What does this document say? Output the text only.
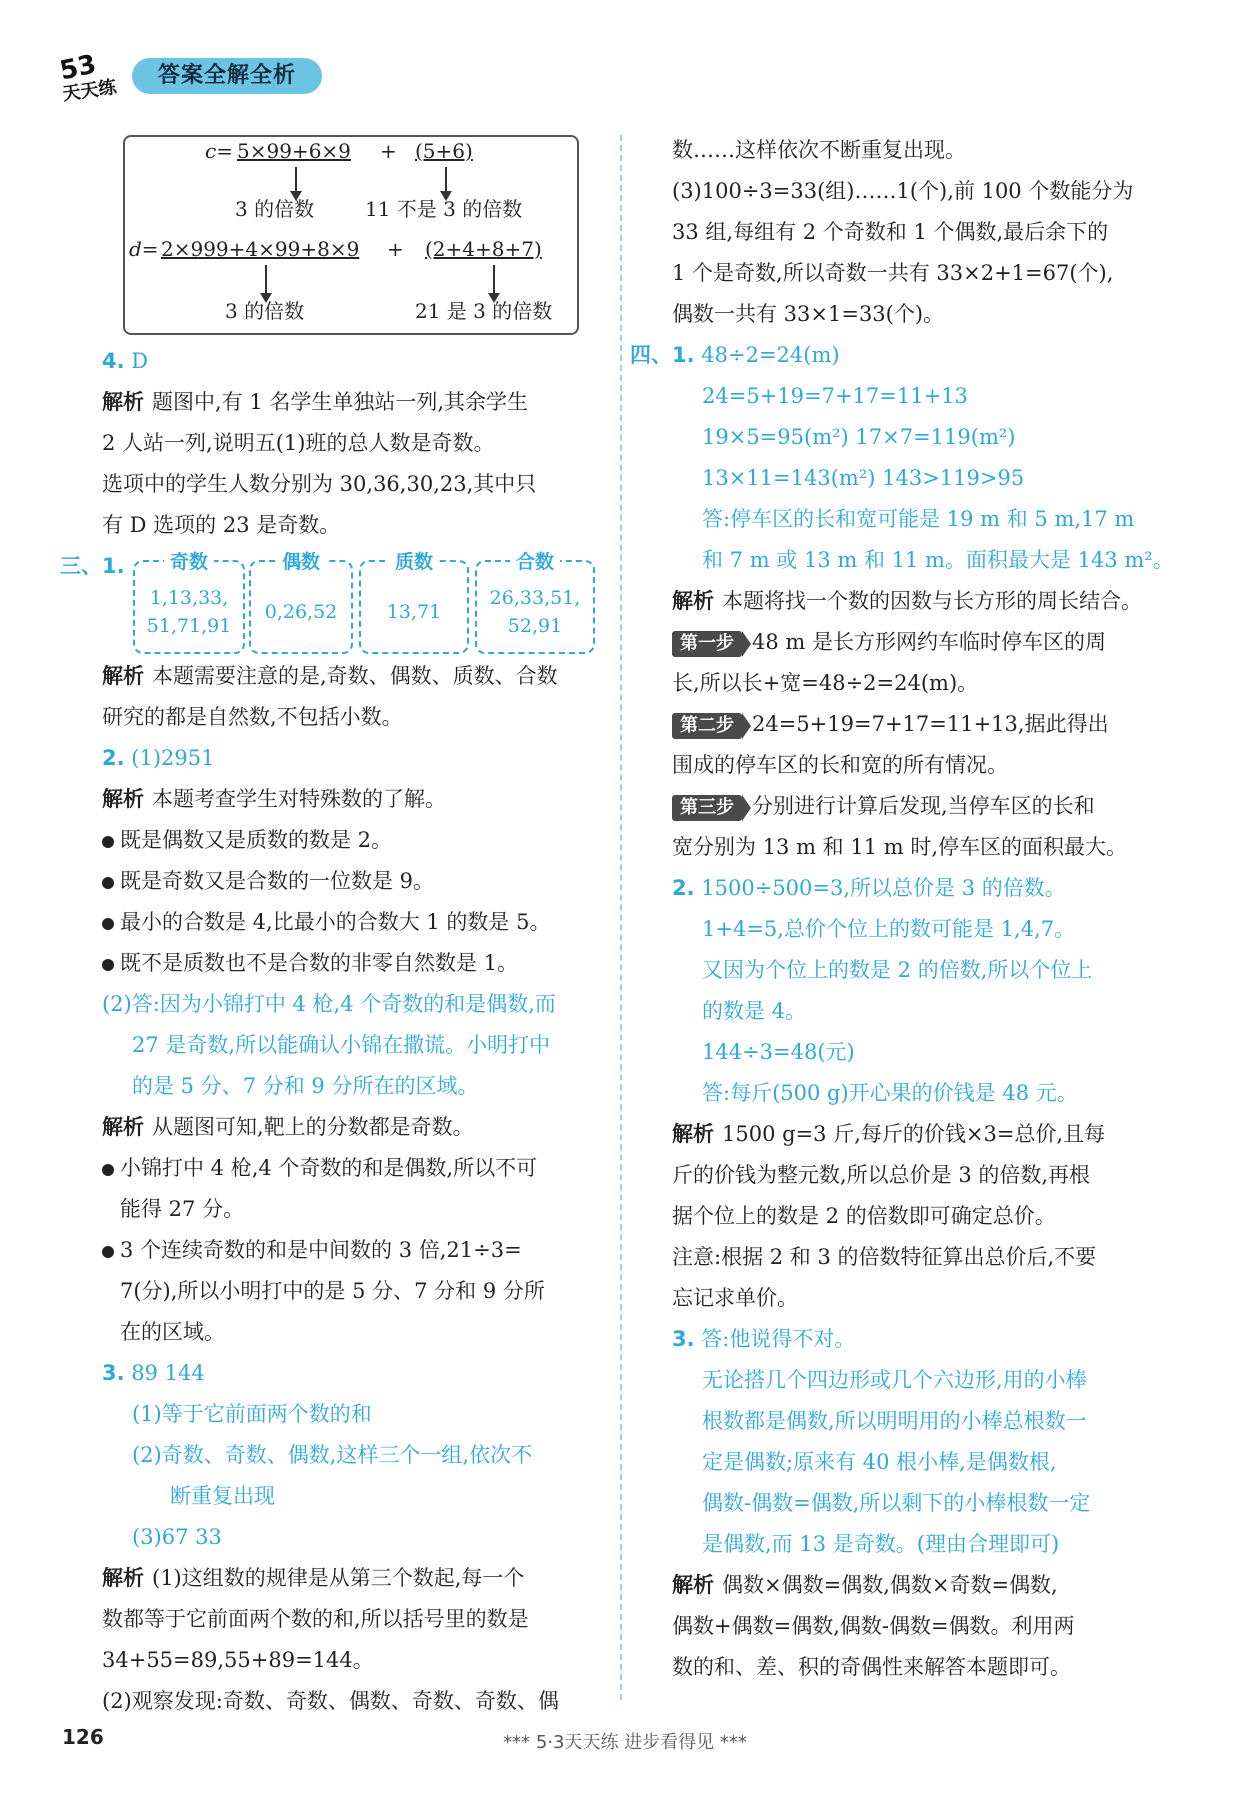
53
天天练
答案全解全析
c= 5×99+6×9 + (5+6)
3 的倍数	11 不是 3 的倍数
d= 2×999+4×99+8×9 + (2+4+8+7)
3 的倍数	21 是 3 的倍数

4. D

解析 题图中,有 1 名学生单独站一列,其余学生

2 人站一列,说明五(1)班的总人数是奇数。

选项中的学生人数分别为 30,36,30,23,其中只

有 D 选项的 23 是奇数。

三、1.	奇数
1,13,33,
51,71,91
偶数
0,26,52
质数
13,71
合数
26,33,51,
52,91

解析 本题需要注意的是,奇数、偶数、质数、合数

研究的都是自然数,不包括小数。

2. (1)2951

解析 本题考查学生对特殊数的了解。

既是偶数又是质数的数是 2。

既是奇数又是合数的一位数是 9。

最小的合数是 4,比最小的合数大 1 的数是 5。

既不是质数也不是合数的非零自然数是 1。

(2)答:因为小锦打中 4 枪,4 个奇数的和是偶数,而

27 是奇数,所以能确认小锦在撒谎。小明打中

的是 5 分、7 分和 9 分所在的区域。

解析 从题图可知,靶上的分数都是奇数。

小锦打中 4 枪,4 个奇数的和是偶数,所以不可

能得 27 分。

3 个连续奇数的和是中间数的 3 倍,21÷3=

7(分),所以小明打中的是 5 分、7 分和 9 分所

在的区域。

3. 89 144

(1)等于它前面两个数的和

(2)奇数、奇数、偶数,这样三个一组,依次不

断重复出现

(3)67 33

解析 (1)这组数的规律是从第三个数起,每一个

数都等于它前面两个数的和,所以括号里的数是

34+55=89,55+89=144。

(2)观察发现:奇数、奇数、偶数、奇数、奇数、偶

数……这样依次不断重复出现。

(3)100÷3=33(组)……1(个),前 100 个数能分为

33 组,每组有 2 个奇数和 1 个偶数,最后余下的

1 个是奇数,所以奇数一共有 33×2+1=67(个),

偶数一共有 33×1=33(个)。

四、1. 48÷2=24(m)

24=5+19=7+17=11+13

19×5=95(m²) 17×7=119(m²)

13×11=143(m²) 143>119>95

答:停车区的长和宽可能是 19 m 和 5 m,17 m

和 7 m 或 13 m 和 11 m。面积最大是 143 m²。

解析 本题将找一个数的因数与长方形的周长结合。

第一步 48 m 是长方形网约车临时停车区的周

长,所以长+宽=48÷2=24(m)。

第二步 24=5+19=7+17=11+13,据此得出

围成的停车区的长和宽的所有情况。

第三步 分别进行计算后发现,当停车区的长和

宽分别为 13 m 和 11 m 时,停车区的面积最大。

2. 1500÷500=3,所以总价是 3 的倍数。

1+4=5,总价个位上的数可能是 1,4,7。

又因为个位上的数是 2 的倍数,所以个位上

的数是 4。

144÷3=48(元)

答:每斤(500 g)开心果的价钱是 48 元。

解析 1500 g=3 斤,每斤的价钱×3=总价,且每

斤的价钱为整元数,所以总价是 3 的倍数,再根

据个位上的数是 2 的倍数即可确定总价。

注意:根据 2 和 3 的倍数特征算出总价后,不要

忘记求单价。

3. 答:他说得不对。

无论搭几个四边形或几个六边形,用的小棒

根数都是偶数,所以明明用的小棒总根数一

定是偶数;原来有 40 根小棒,是偶数根,

偶数-偶数=偶数,所以剩下的小棒根数一定

是偶数,而 13 是奇数。(理由合理即可)

解析 偶数×偶数=偶数,偶数×奇数=偶数,

偶数+偶数=偶数,偶数-偶数=偶数。利用两

数的和、差、积的奇偶性来解答本题即可。

126	*** 5·3天天练 进步看得见 ***
